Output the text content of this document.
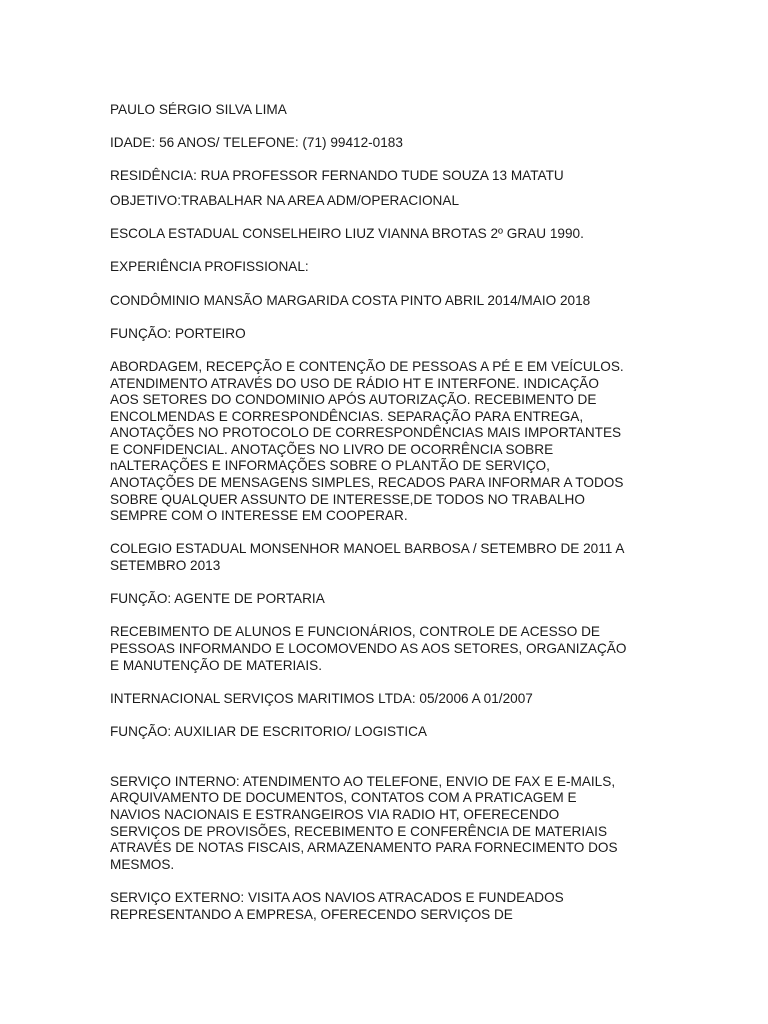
PAULO SÉRGIO SILVA LIMA

IDADE: 56 ANOS/ TELEFONE: (71) 99412-0183

RESIDÊNCIA: RUA PROFESSOR FERNANDO TUDE SOUZA 13 MATATU

OBJETIVO:TRABALHAR NA AREA ADM/OPERACIONAL

ESCOLA ESTADUAL CONSELHEIRO LIUZ VIANNA BROTAS 2º GRAU 1990.

EXPERIÊNCIA PROFISSIONAL:

CONDÔMINIO MANSÃO MARGARIDA COSTA PINTO ABRIL 2014/MAIO 2018

FUNÇÃO: PORTEIRO

ABORDAGEM, RECEPÇÃO E CONTENÇÃO DE PESSOAS A PÉ E EM VEÍCULOS.

ATENDIMENTO ATRAVÉS DO USO DE RÁDIO HT E INTERFONE. INDICAÇÃO

AOS SETORES DO CONDOMINIO APÓS AUTORIZAÇÃO. RECEBIMENTO DE

ENCOLMENDAS E CORRESPONDÊNCIAS. SEPARAÇÃO PARA ENTREGA,

ANOTAÇÕES NO PROTOCOLO DE CORRESPONDÊNCIAS MAIS IMPORTANTES

E CONFIDENCIAL. ANOTAÇÕES NO LIVRO DE OCORRÊNCIA SOBRE

nALTERAÇÕES E INFORMAÇÕES SOBRE O PLANTÃO DE SERVIÇO,

ANOTAÇÕES DE MENSAGENS SIMPLES, RECADOS PARA INFORMAR A TODOS

SOBRE QUALQUER ASSUNTO DE INTERESSE,DE TODOS NO TRABALHO

SEMPRE COM O INTERESSE EM COOPERAR.

COLEGIO ESTADUAL MONSENHOR MANOEL BARBOSA / SETEMBRO DE 2011 A

SETEMBRO 2013

FUNÇÃO: AGENTE DE PORTARIA

RECEBIMENTO DE ALUNOS E FUNCIONÁRIOS, CONTROLE DE ACESSO DE

PESSOAS INFORMANDO E LOCOMOVENDO AS AOS SETORES, ORGANIZAÇÃO

E MANUTENÇÃO DE MATERIAIS.

INTERNACIONAL SERVIÇOS MARITIMOS LTDA: 05/2006 A 01/2007

FUNÇÃO: AUXILIAR DE ESCRITORIO/ LOGISTICA

SERVIÇO INTERNO: ATENDIMENTO AO TELEFONE, ENVIO DE FAX E E-MAILS,

ARQUIVAMENTO DE DOCUMENTOS, CONTATOS COM A PRATICAGEM E

NAVIOS NACIONAIS E ESTRANGEIROS VIA RADIO HT, OFERECENDO

SERVIÇOS DE PROVISÕES, RECEBIMENTO E CONFERÊNCIA DE MATERIAIS

ATRAVÉS DE NOTAS FISCAIS, ARMAZENAMENTO PARA FORNECIMENTO DOS

MESMOS.

SERVIÇO EXTERNO: VISITA AOS NAVIOS ATRACADOS E FUNDEADOS

REPRESENTANDO A EMPRESA, OFERECENDO SERVIÇOS DE
